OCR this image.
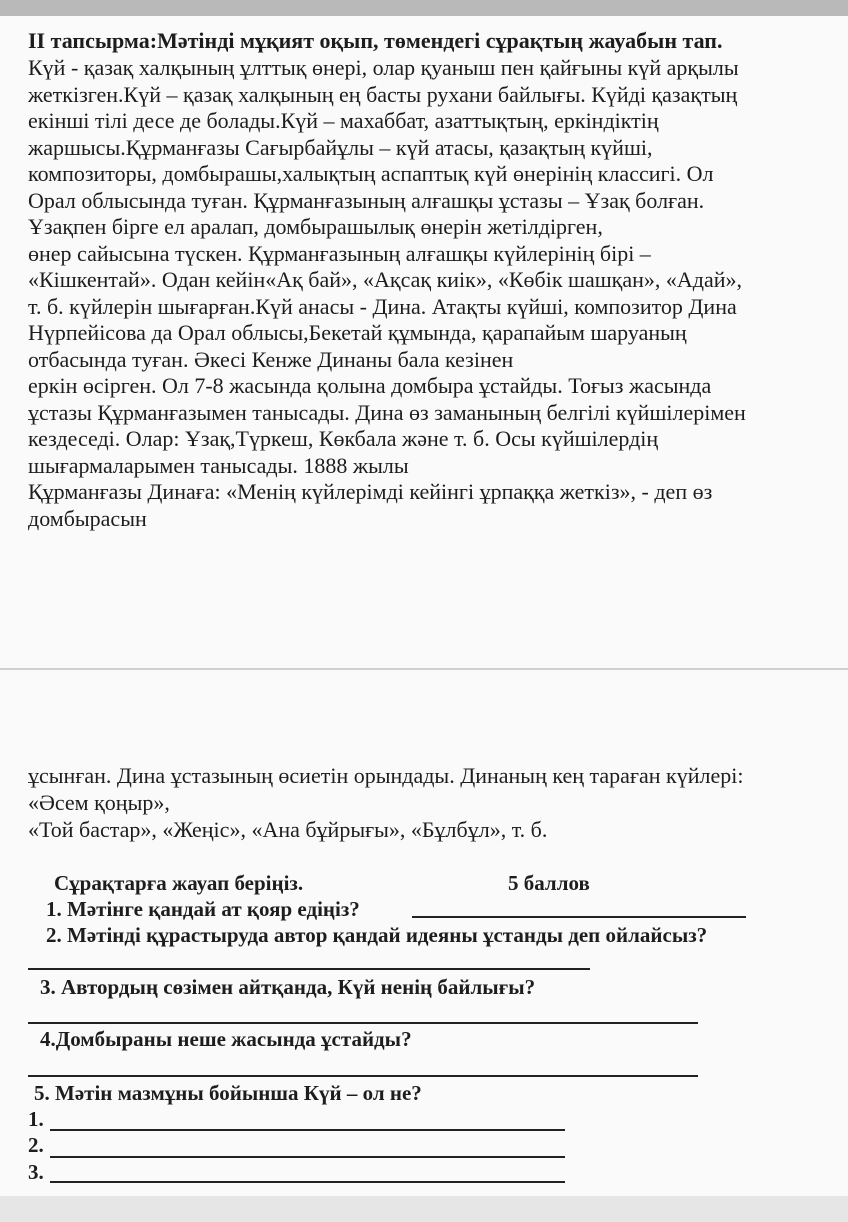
ІІ тапсырма:Мәтінді мұқият оқып, төмендегі сұрақтың жауабын тап.
Күй - қазақ халқының ұлттық өнері, олар қуаныш пен қайғыны күй арқылы
жеткізген.Күй – қазақ халқының ең басты рухани байлығы. Күйді қазақтың
екінші тілі десе де болады.Күй – махаббат, азаттықтың, еркіндіктің
жаршысы.Құрманғазы Сағырбайұлы – күй атасы, қазақтың күйші,
композиторы, домбырашы,халықтың аспаптық күй өнерінің классигі. Ол
Орал облысында туған. Құрманғазының алғашқы ұстазы – Ұзақ болған.
Ұзақпен бірге ел аралап, домбырашылық өнерін жетілдірген,
өнер сайысына түскен. Құрманғазының алғашқы күйлерінің бірі –
«Кішкентай». Одан кейін«Ақ бай», «Ақсақ киік», «Көбік шашқан», «Адай»,
т. б. күйлерін шығарған.Күй анасы - Дина. Атақты күйші, композитор Дина
Нүрпейісова да Орал облысы,Бекетай құмында, қарапайым шаруаның
отбасында туған. Әкесі Кенже Динаны бала кезінен
еркін өсірген. Ол 7-8 жасында қолына домбыра ұстайды. Тоғыз жасында
ұстазы Құрманғазымен танысады. Дина өз заманының белгілі күйшілерімен
кездеседі. Олар: Ұзақ,Түркеш, Көкбала және т. б. Осы күйшілердің
шығармаларымен танысады. 1888 жылы
Құрманғазы Динаға: «Менің күйлерімді кейінгі ұрпаққа жеткіз», - деп өз
домбырасын
ұсынған. Дина ұстазының өсиетін орындады. Динаның кең тараған күйлері:
«Әсем қоңыр»,
«Той бастар», «Жеңіс», «Ана бұйрығы», «Бұлбұл», т. б.
Сұрақтарға жауап беріңіз.	5 баллов
1. Мәтінге қандай ат қояр едіңіз?
2. Мәтінді құрастыруда автор қандай идеяны ұстанды деп ойлайсыз?
3. Автордың сөзімен айтқанда, Күй ненің байлығы?
4.Домбыраны неше жасында ұстайды?
5. Мәтін мазмұны бойынша Күй – ол не?
1.
2.
3.
